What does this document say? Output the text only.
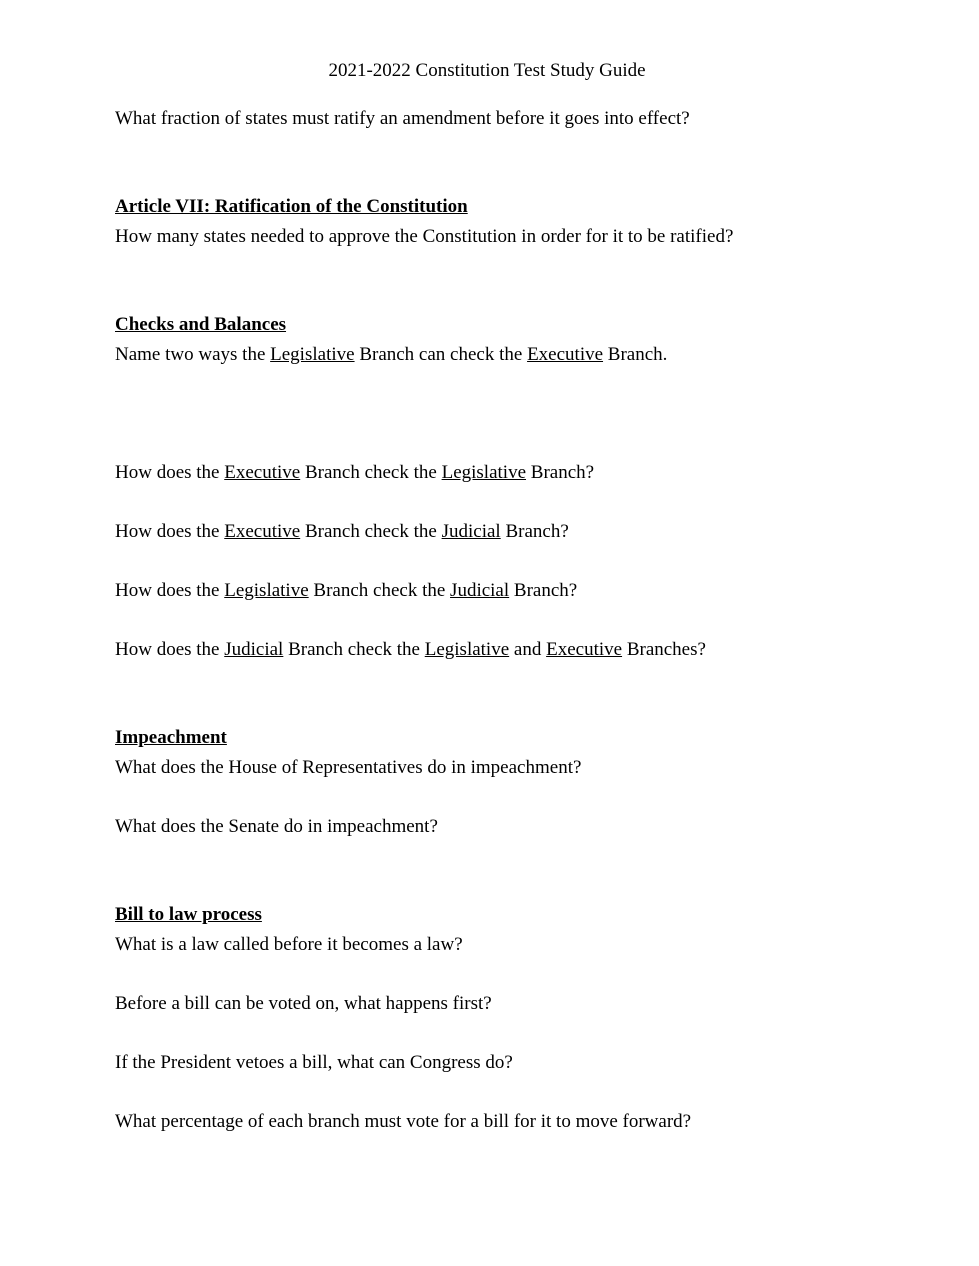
2021-2022 Constitution Test Study Guide

What fraction of states must ratify an amendment before it goes into effect?

Article VII: Ratification of the Constitution

How many states needed to approve the Constitution in order for it to be ratified?

Checks and Balances

Name two ways the Legislative Branch can check the Executive Branch.

How does the Executive Branch check the Legislative Branch?

How does the Executive Branch check the Judicial Branch?

How does the Legislative Branch check the Judicial Branch?

How does the Judicial Branch check the Legislative and Executive Branches?

Impeachment

What does the House of Representatives do in impeachment?

What does the Senate do in impeachment?

Bill to law process

What is a law called before it becomes a law?

Before a bill can be voted on, what happens first?

If the President vetoes a bill, what can Congress do?

What percentage of each branch must vote for a bill for it to move forward?
